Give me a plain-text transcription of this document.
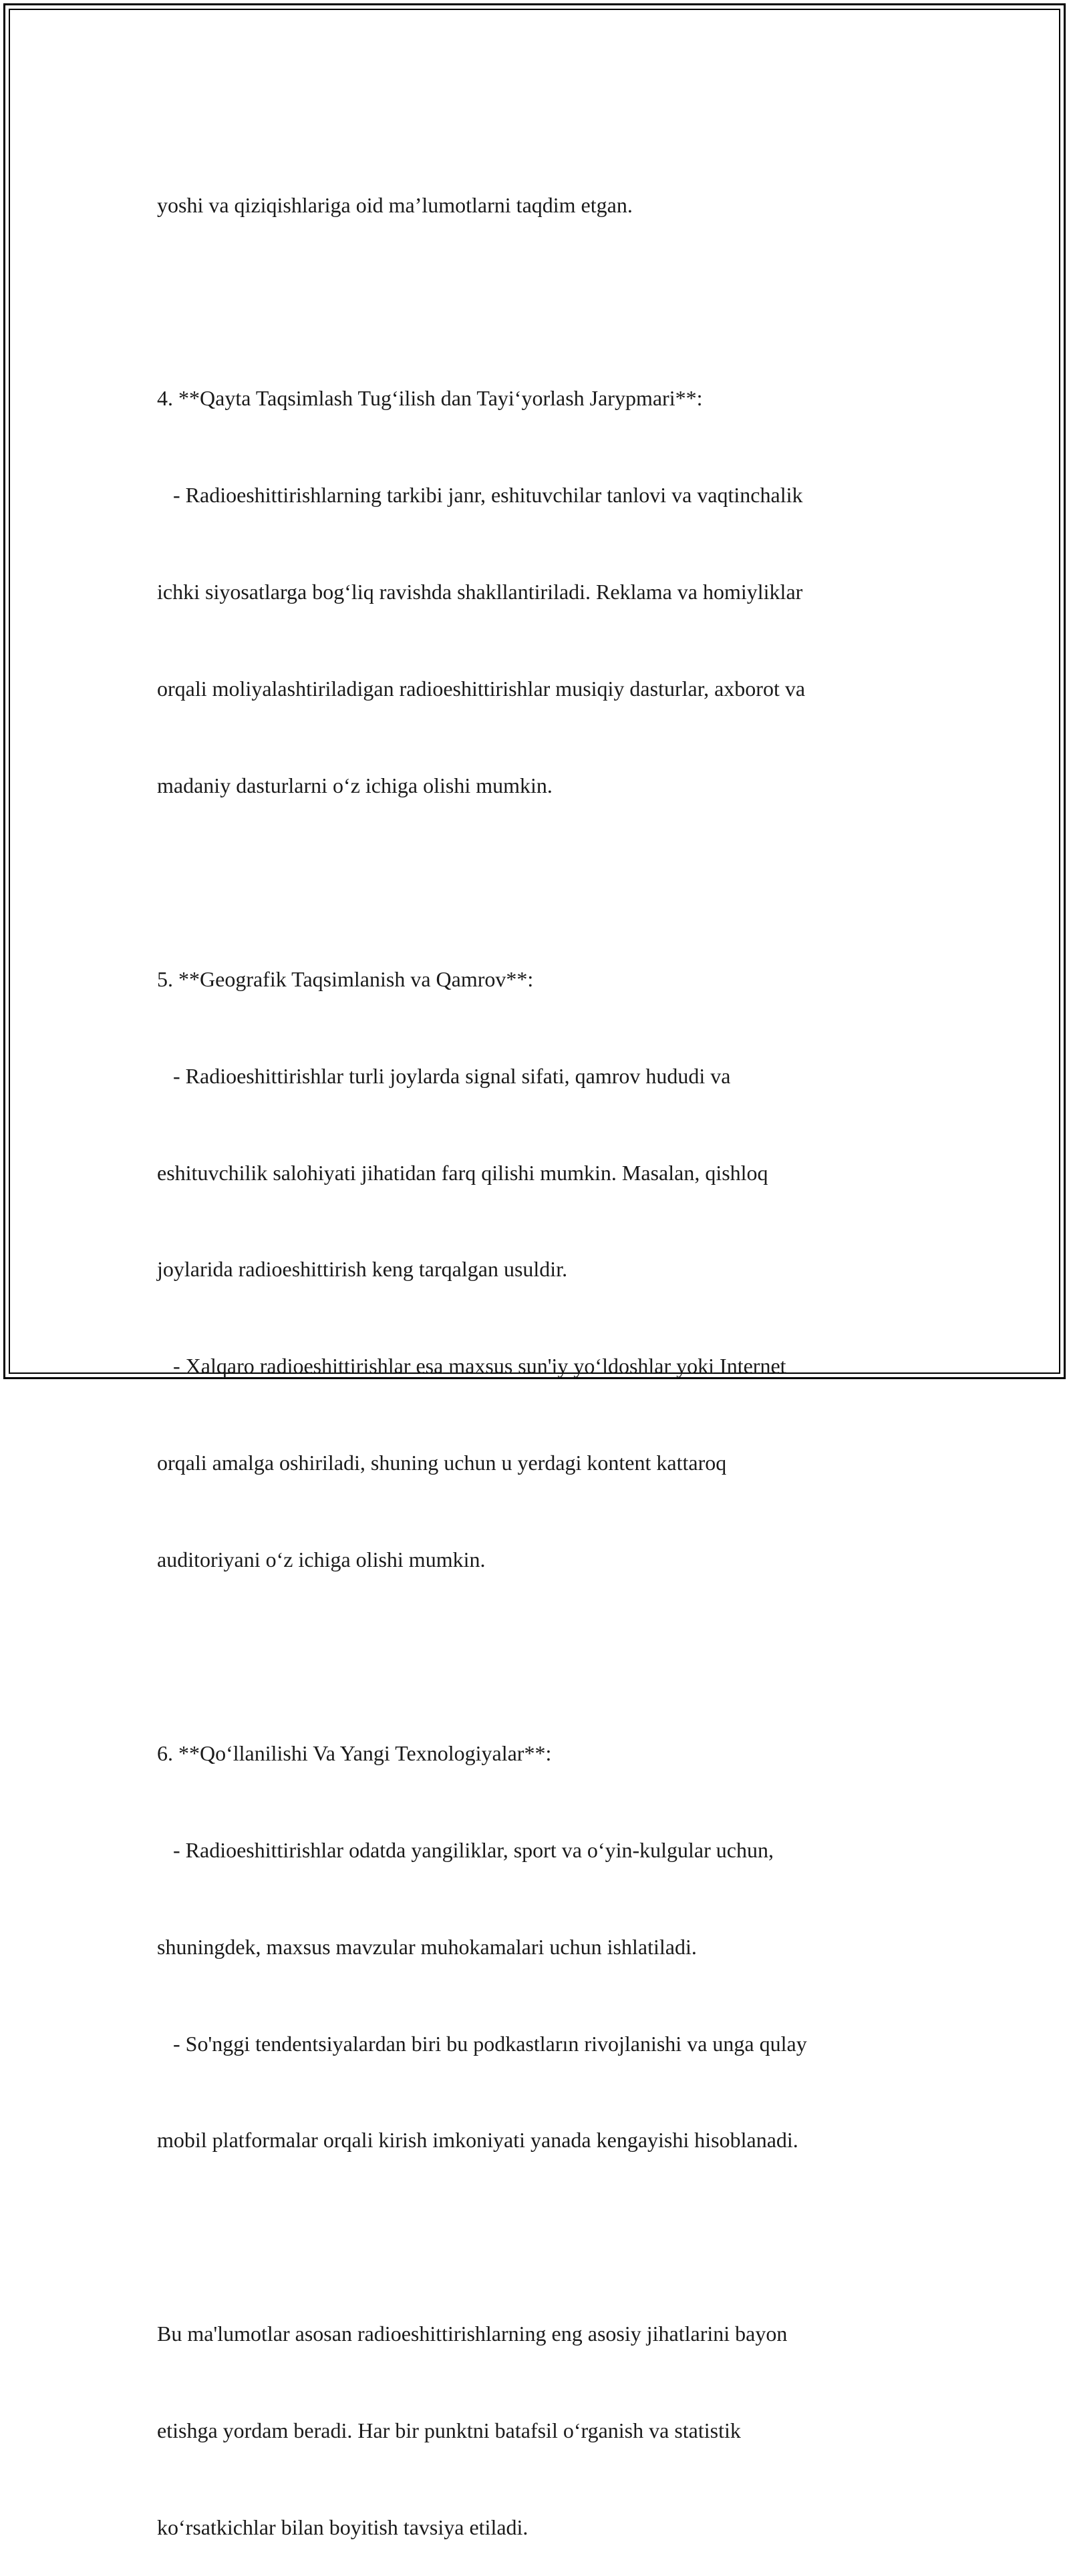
yoshi va qiziqishlariga oid ma’lumotlarni taqdim etgan.

4. **Qayta Taqsimlash Tug‘ilish dan Tayi‘yorlash Jarypmari**:

- Radioeshittirishlarning tarkibi janr, eshituvchilar tanlovi va vaqtinchalik

ichki siyosatlarga bog‘liq ravishda shakllantiriladi. Reklama va homiyliklar

orqali moliyalashtiriladigan radioeshittirishlar musiqiy dasturlar, axborot va

madaniy dasturlarni o‘z ichiga olishi mumkin.

5. **Geografik Taqsimlanish va Qamrov**:

- Radioeshittirishlar turli joylarda signal sifati, qamrov hududi va

eshituvchilik salohiyati jihatidan farq qilishi mumkin. Masalan, qishloq

joylarida radioeshittirish keng tarqalgan usuldir.

- Xalqaro radioeshittirishlar esa maxsus sun'iy yo‘ldoshlar yoki Internet

orqali amalga oshiriladi, shuning uchun u yerdagi kontent kattaroq

auditoriyani o‘z ichiga olishi mumkin.

6. **Qo‘llanilishi Va Yangi Texnologiyalar**:

- Radioeshittirishlar odatda yangiliklar, sport va o‘yin-kulgular uchun,

shuningdek, maxsus mavzular muhokamalari uchun ishlatiladi.

- So'nggi tendentsiyalardan biri bu podkastların rivojlanishi va unga qulay

mobil platformalar orqali kirish imkoniyati yanada kengayishi hisoblanadi.

Bu ma'lumotlar asosan radioeshittirishlarning eng asosiy jihatlarini bayon

etishga yordam beradi. Har bir punktni batafsil o‘rganish va statistik

ko‘rsatkichlar bilan boyitish tavsiya etiladi.
